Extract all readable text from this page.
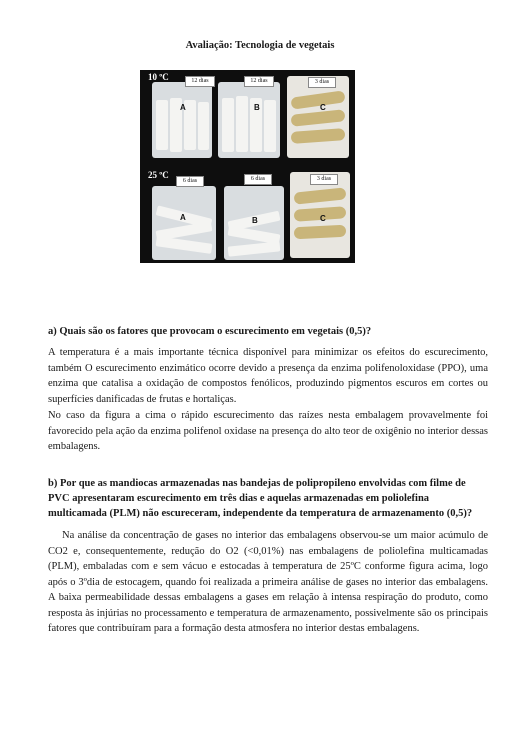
Avaliação: Tecnologia de vegetais
10 ºC	12 dias
A
12 dias
B
3 dias
C
25 ºC
6 dias
A
6 dias
B
3 dias
C
a) Quais são os fatores que provocam o escurecimento em vegetais (0,5)?

A temperatura é a mais importante técnica disponível para minimizar os efeitos do escurecimento, também O escurecimento enzimático ocorre devido a presença da enzima polifenoloxidase (PPO), uma enzima que catalisa a oxidação de compostos fenólicos, produzindo pigmentos escuros em cortes ou superfícies danificadas de frutas e hortaliças.

No caso da figura a cima o rápido escurecimento das raízes nesta embalagem provavelmente foi favorecido pela ação da enzima polifenol oxidase na presença do alto teor de oxigênio no interior dessas embalagens.

b) Por que as mandiocas armazenadas nas bandejas de polipropileno envolvidas com filme de PVC apresentaram escurecimento em três dias e aquelas armazenadas em poliolefina multicamada (PLM) não escureceram, independente da temperatura de armazenamento (0,5)?

Na análise da concentração de gases no interior das embalagens observou-se um maior acúmulo de CO2 e, consequentemente, redução do O2 (<0,01%) nas embalagens de poliolefina multicamadas (PLM), embaladas com e sem vácuo e estocadas à temperatura de 25ºC conforme figura acima, logo após o 3ºdia de estocagem, quando foi realizada a primeira análise de gases no interior das embalagens. A baixa permeabilidade dessas embalagens a gases em relação à intensa respiração do produto, como resposta às injúrias no processamento e temperatura de armazenamento, possivelmente são os principais fatores que contribuíram para a formação desta atmosfera no interior destas embalagens.
